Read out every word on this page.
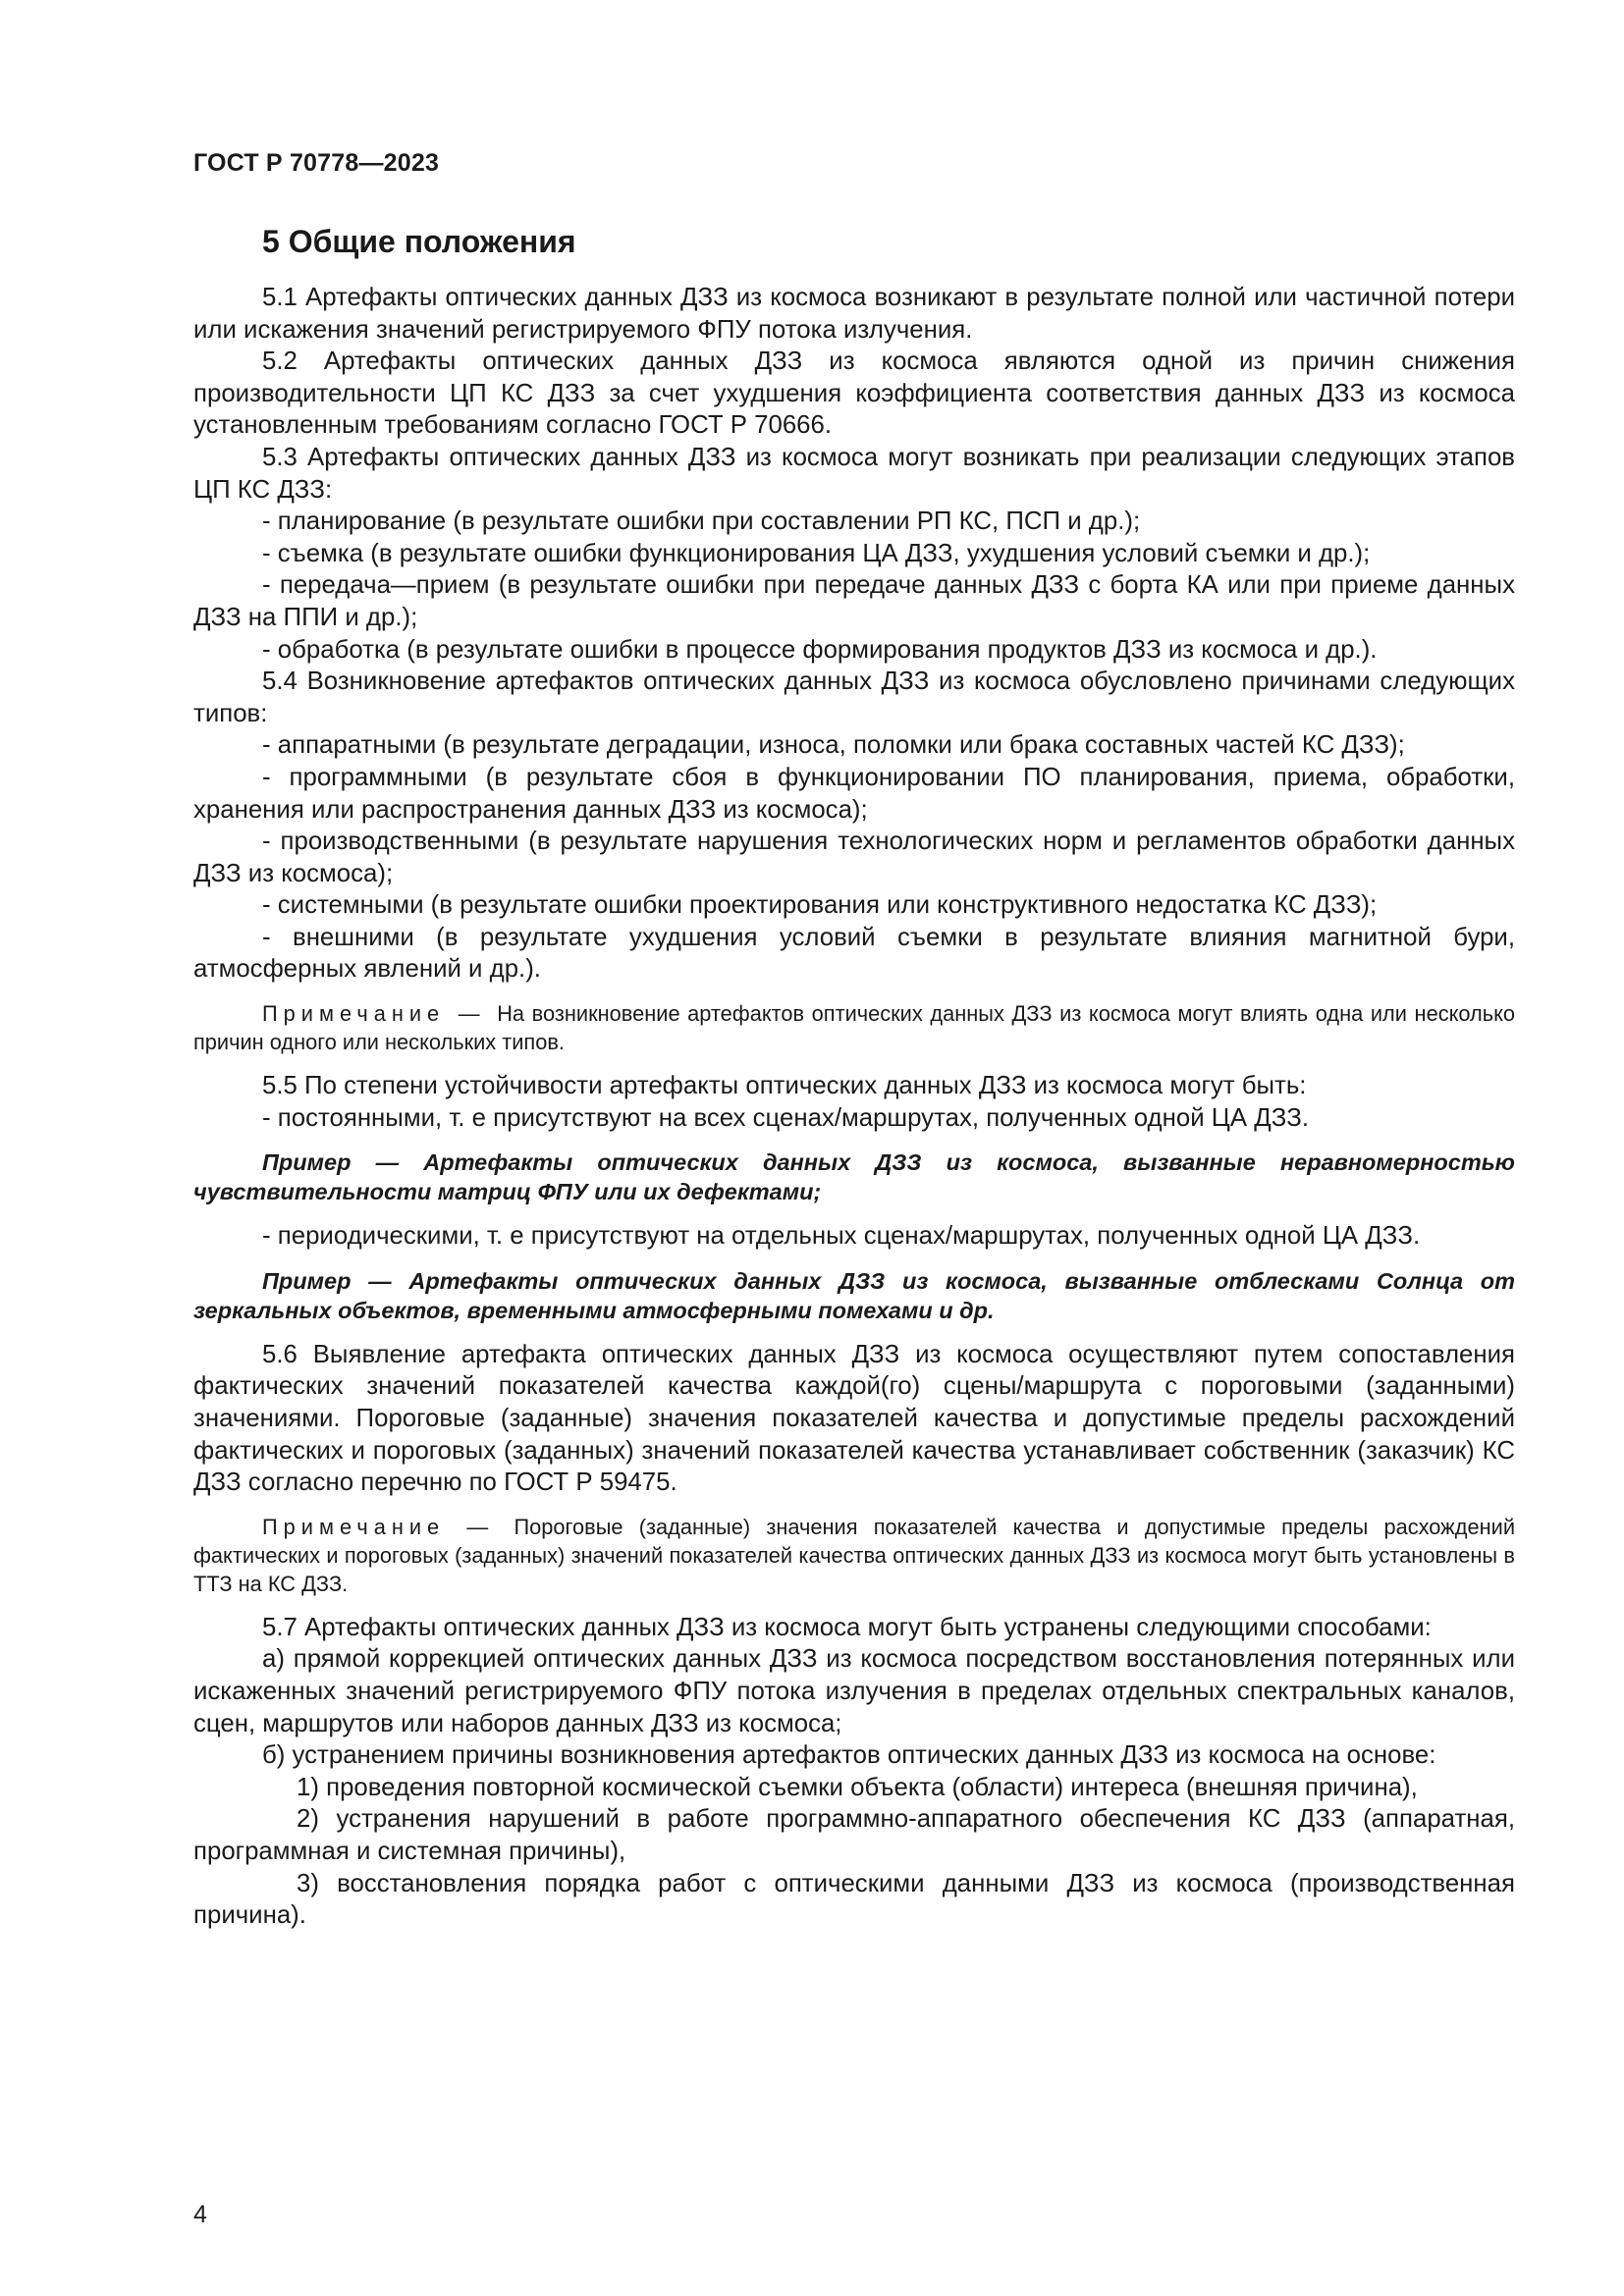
ГОСТ Р 70778—2023
5 Общие положения

5.1 Артефакты оптических данных ДЗЗ из космоса возникают в результате полной или частичной потери или искажения значений регистрируемого ФПУ потока излучения.

5.2 Артефакты оптических данных ДЗЗ из космоса являются одной из причин снижения производительности ЦП КС ДЗЗ за счет ухудшения коэффициента соответствия данных ДЗЗ из космоса установленным требованиям согласно ГОСТ Р 70666.

5.3 Артефакты оптических данных ДЗЗ из космоса могут возникать при реализации следующих этапов ЦП КС ДЗЗ:

- планирование (в результате ошибки при составлении РП КС, ПСП и др.);

- съемка (в результате ошибки функционирования ЦА ДЗЗ, ухудшения условий съемки и др.);

- передача—прием (в результате ошибки при передаче данных ДЗЗ с борта КА или при приеме данных ДЗЗ на ППИ и др.);

- обработка (в результате ошибки в процессе формирования продуктов ДЗЗ из космоса и др.).

5.4 Возникновение артефактов оптических данных ДЗЗ из космоса обусловлено причинами следующих типов:

- аппаратными (в результате деградации, износа, поломки или брака составных частей КС ДЗЗ);

- программными (в результате сбоя в функционировании ПО планирования, приема, обработки, хранения или распространения данных ДЗЗ из космоса);

- производственными (в результате нарушения технологических норм и регламентов обработки данных ДЗЗ из космоса);

- системными (в результате ошибки проектирования или конструктивного недостатка КС ДЗЗ);

- внешними (в результате ухудшения условий съемки в результате влияния магнитной бури, атмосферных явлений и др.).

Примечание — На возникновение артефактов оптических данных ДЗЗ из космоса могут влиять одна или несколько причин одного или нескольких типов.

5.5 По степени устойчивости артефакты оптических данных ДЗЗ из космоса могут быть:

- постоянными, т. е присутствуют на всех сценах/маршрутах, полученных одной ЦА ДЗЗ.

Пример — Артефакты оптических данных ДЗЗ из космоса, вызванные неравномерностью чувствительности матриц ФПУ или их дефектами;

- периодическими, т. е присутствуют на отдельных сценах/маршрутах, полученных одной ЦА ДЗЗ.

Пример — Артефакты оптических данных ДЗЗ из космоса, вызванные отблесками Солнца от зеркальных объектов, временными атмосферными помехами и др.

5.6 Выявление артефакта оптических данных ДЗЗ из космоса осуществляют путем сопоставления фактических значений показателей качества каждой(го) сцены/маршрута с пороговыми (заданными) значениями. Пороговые (заданные) значения показателей качества и допустимые пределы расхождений фактических и пороговых (заданных) значений показателей качества устанавливает собственник (заказчик) КС ДЗЗ согласно перечню по ГОСТ Р 59475.

Примечание — Пороговые (заданные) значения показателей качества и допустимые пределы расхождений фактических и пороговых (заданных) значений показателей качества оптических данных ДЗЗ из космоса могут быть установлены в ТТЗ на КС ДЗЗ.

5.7 Артефакты оптических данных ДЗЗ из космоса могут быть устранены следующими способами:

а) прямой коррекцией оптических данных ДЗЗ из космоса посредством восстановления потерянных или искаженных значений регистрируемого ФПУ потока излучения в пределах отдельных спектральных каналов, сцен, маршрутов или наборов данных ДЗЗ из космоса;

б) устранением причины возникновения артефактов оптических данных ДЗЗ из космоса на основе:

1) проведения повторной космической съемки объекта (области) интереса (внешняя причина),

2) устранения нарушений в работе программно-аппаратного обеспечения КС ДЗЗ (аппаратная, программная и системная причины),

3) восстановления порядка работ с оптическими данными ДЗЗ из космоса (производственная причина).

4
